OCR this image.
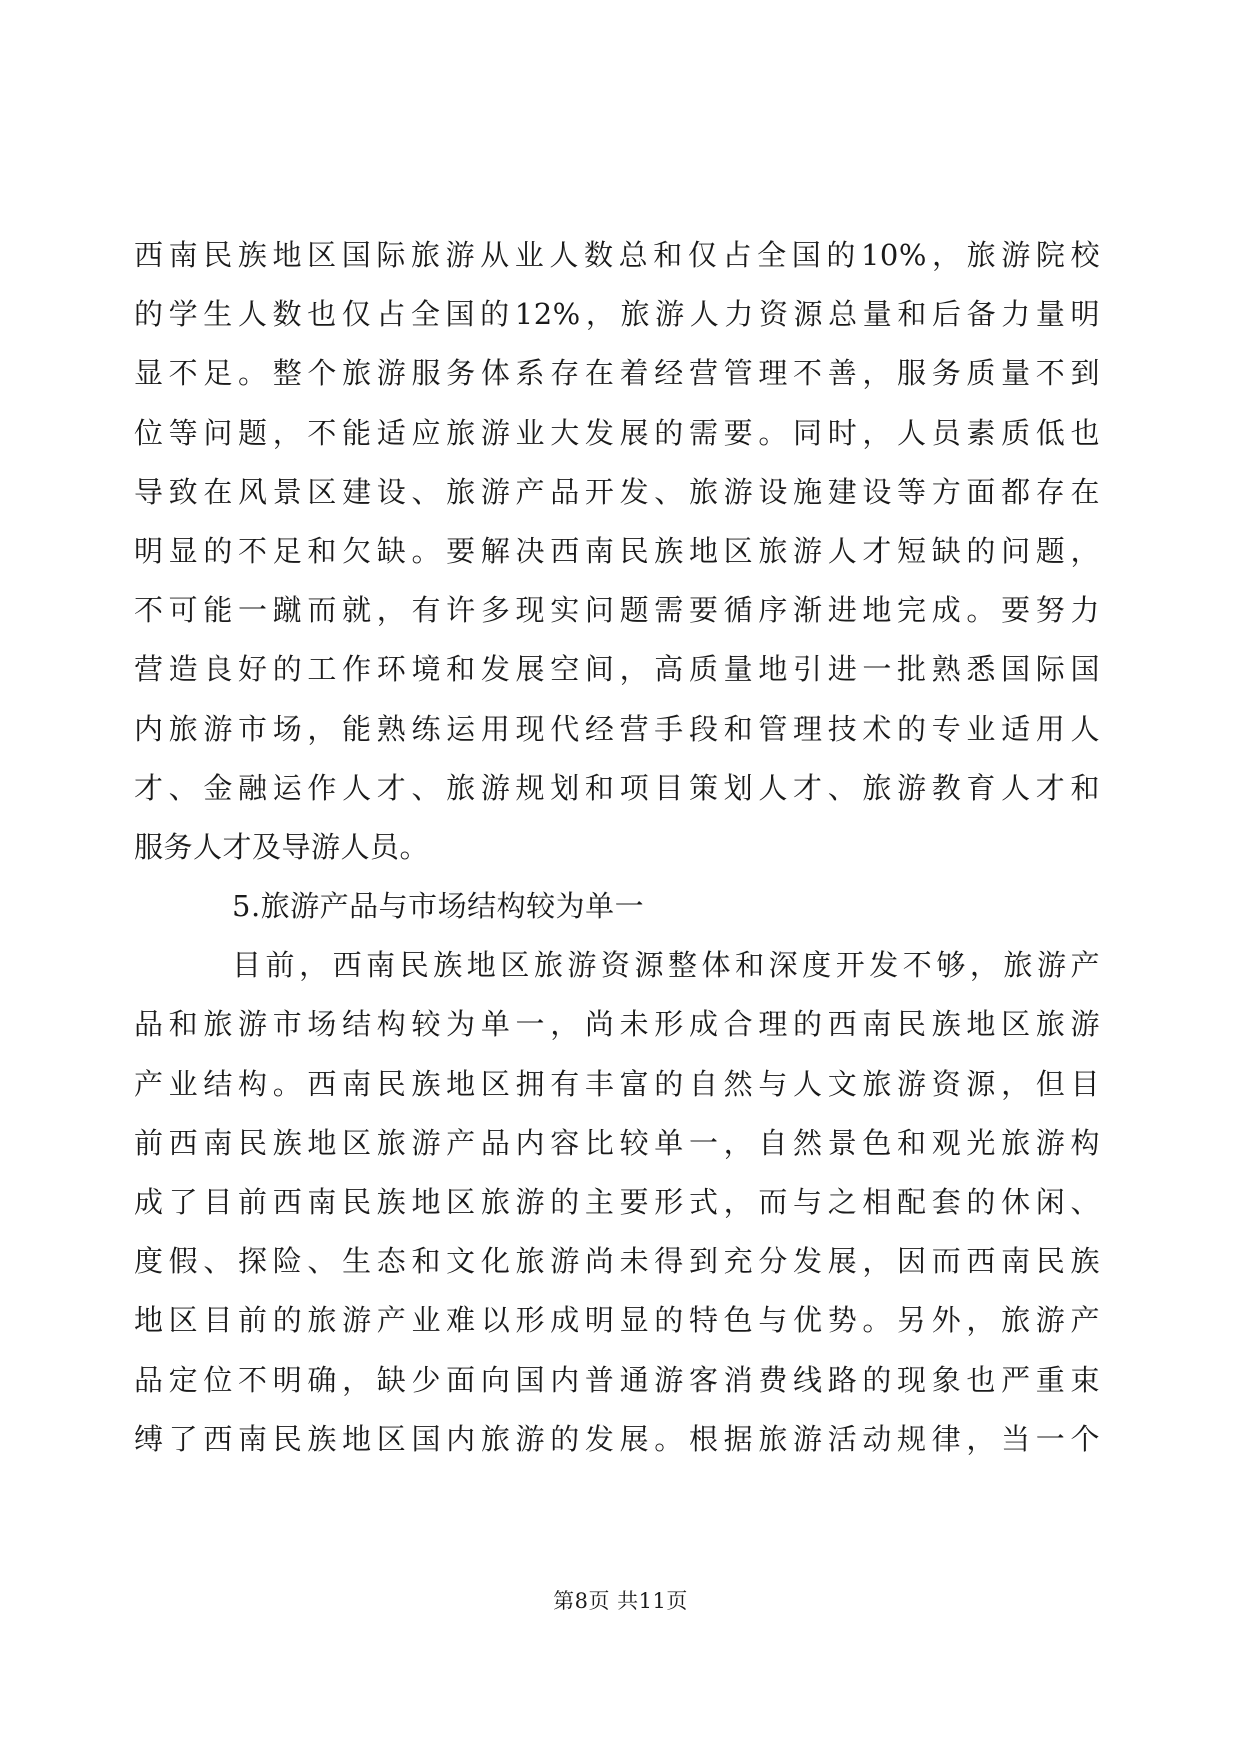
西南民族地区国际旅游从业人数总和仅占全国的10%，旅游院校
的学生人数也仅占全国的12%，旅游人力资源总量和后备力量明
显不足。整个旅游服务体系存在着经营管理不善，服务质量不到
位等问题，不能适应旅游业大发展的需要。同时，人员素质低也
导致在风景区建设、旅游产品开发、旅游设施建设等方面都存在
明显的不足和欠缺。要解决西南民族地区旅游人才短缺的问题，
不可能一蹴而就，有许多现实问题需要循序渐进地完成。要努力
营造良好的工作环境和发展空间，高质量地引进一批熟悉国际国
内旅游市场，能熟练运用现代经营手段和管理技术的专业适用人
才、金融运作人才、旅游规划和项目策划人才、旅游教育人才和
服务人才及导游人员。
5.旅游产品与市场结构较为单一
目前，西南民族地区旅游资源整体和深度开发不够，旅游产
品和旅游市场结构较为单一，尚未形成合理的西南民族地区旅游
产业结构。西南民族地区拥有丰富的自然与人文旅游资源，但目
前西南民族地区旅游产品内容比较单一，自然景色和观光旅游构
成了目前西南民族地区旅游的主要形式，而与之相配套的休闲、
度假、探险、生态和文化旅游尚未得到充分发展，因而西南民族
地区目前的旅游产业难以形成明显的特色与优势。另外，旅游产
品定位不明确，缺少面向国内普通游客消费线路的现象也严重束
缚了西南民族地区国内旅游的发展。根据旅游活动规律，当一个
第8页 共11页
